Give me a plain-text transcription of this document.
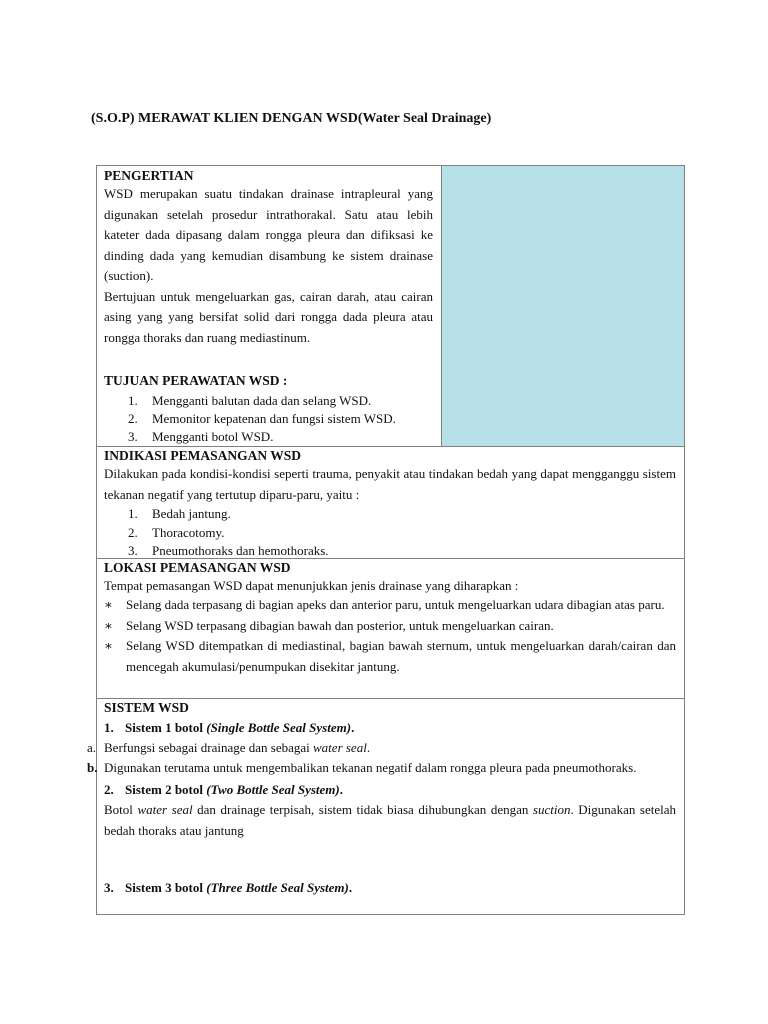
(S.O.P) MERAWAT KLIEN DENGAN WSD(Water Seal Drainage)
PENGERTIAN
WSD merupakan suatu tindakan drainase intrapleural yang digunakan setelah prosedur intrathorakal. Satu atau lebih kateter dada dipasang dalam rongga pleura dan difiksasi ke dinding dada yang kemudian disambung ke sistem drainase (suction).
Bertujuan untuk mengeluarkan gas, cairan darah, atau cairan asing yang yang bersifat solid dari rongga dada pleura atau rongga thoraks dan ruang mediastinum.
TUJUAN PERAWATAN WSD :
1. Mengganti balutan dada dan selang WSD.
2. Memonitor kepatenan dan fungsi sistem WSD.
3. Mengganti botol WSD.
INDIKASI PEMASANGAN WSD
Dilakukan pada kondisi-kondisi seperti trauma, penyakit atau tindakan bedah yang dapat mengganggu sistem tekanan negatif yang tertutup diparu-paru, yaitu :
1. Bedah jantung.
2. Thoracotomy.
3. Pneumothoraks dan hemothoraks.
LOKASI PEMASANGAN WSD
Tempat pemasangan WSD dapat menunjukkan jenis drainase yang diharapkan :
∗ Selang dada terpasang di bagian apeks dan anterior paru, untuk mengeluarkan udara dibagian atas paru.
∗ Selang WSD terpasang dibagian bawah dan posterior, untuk mengeluarkan cairan.
∗ Selang WSD ditempatkan di mediastinal, bagian bawah sternum, untuk mengeluarkan darah/cairan dan mencegah akumulasi/penumpukan disekitar jantung.
SISTEM WSD
1. Sistem 1 botol (Single Bottle Seal System).
a. Berfungsi sebagai drainage dan sebagai water seal.
b. Digunakan terutama untuk mengembalikan tekanan negatif dalam rongga pleura pada pneumothoraks.
2. Sistem 2 botol (Two Bottle Seal System).
Botol water seal dan drainage terpisah, sistem tidak biasa dihubungkan dengan suction. Digunakan setelah bedah thoraks atau jantung
3. Sistem 3 botol (Three Bottle Seal System).
